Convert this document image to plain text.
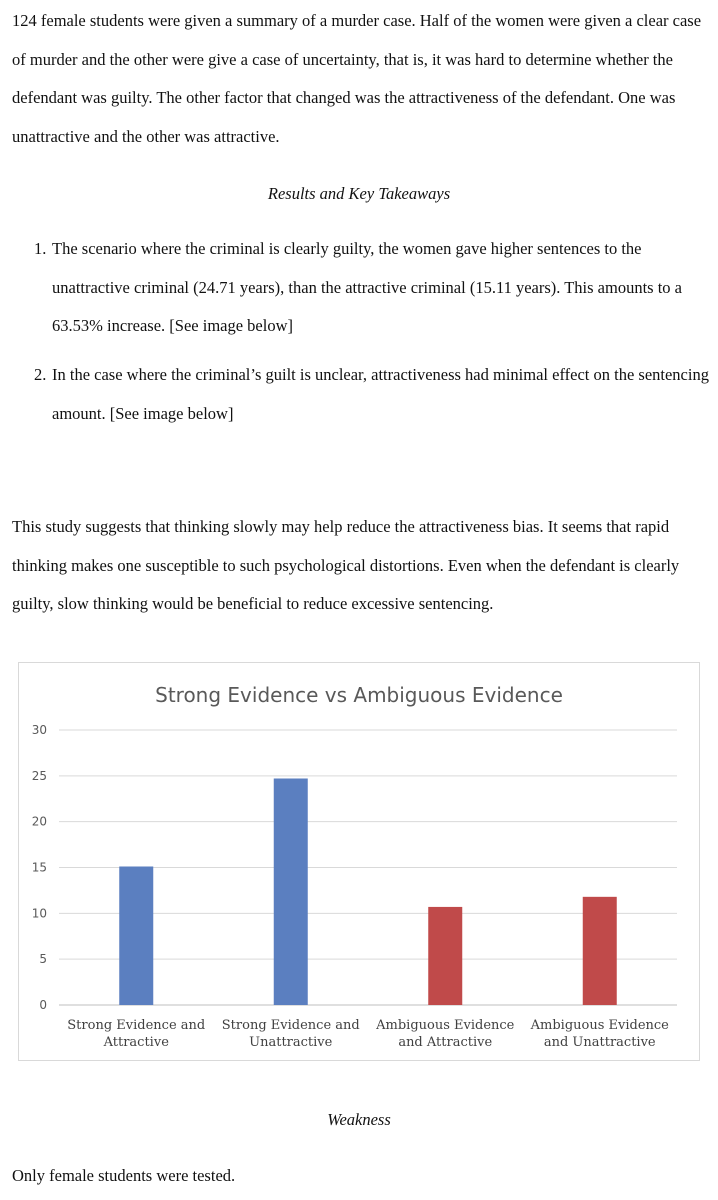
124 female students were given a summary of a murder case. Half of the women were given a clear case of murder and the other were give a case of uncertainty, that is, it was hard to determine whether the defendant was guilty. The other factor that changed was the attractiveness of the defendant. One was unattractive and the other was attractive.

Results and Key Takeaways

1. The scenario where the criminal is clearly guilty, the women gave higher sentences to the unattractive criminal (24.71 years), than the attractive criminal (15.11 years). This amounts to a 63.53% increase. [See image below]
2. In the case where the criminal’s guilt is unclear, attractiveness had minimal effect on the sentencing amount. [See image below]

This study suggests that thinking slowly may help reduce the attractiveness bias. It seems that rapid thinking makes one susceptible to such psychological distortions. Even when the defendant is clearly guilty, slow thinking would be beneficial to reduce excessive sentencing.

Strong Evidence vs Ambiguous Evidence
0
5
10
15
20
25
30
Strong Evidence and
Attractive
Strong Evidence and
Unattractive
Ambiguous Evidence
and Attractive
Ambiguous Evidence
and Unattractive

Weakness

Only female students were tested.
